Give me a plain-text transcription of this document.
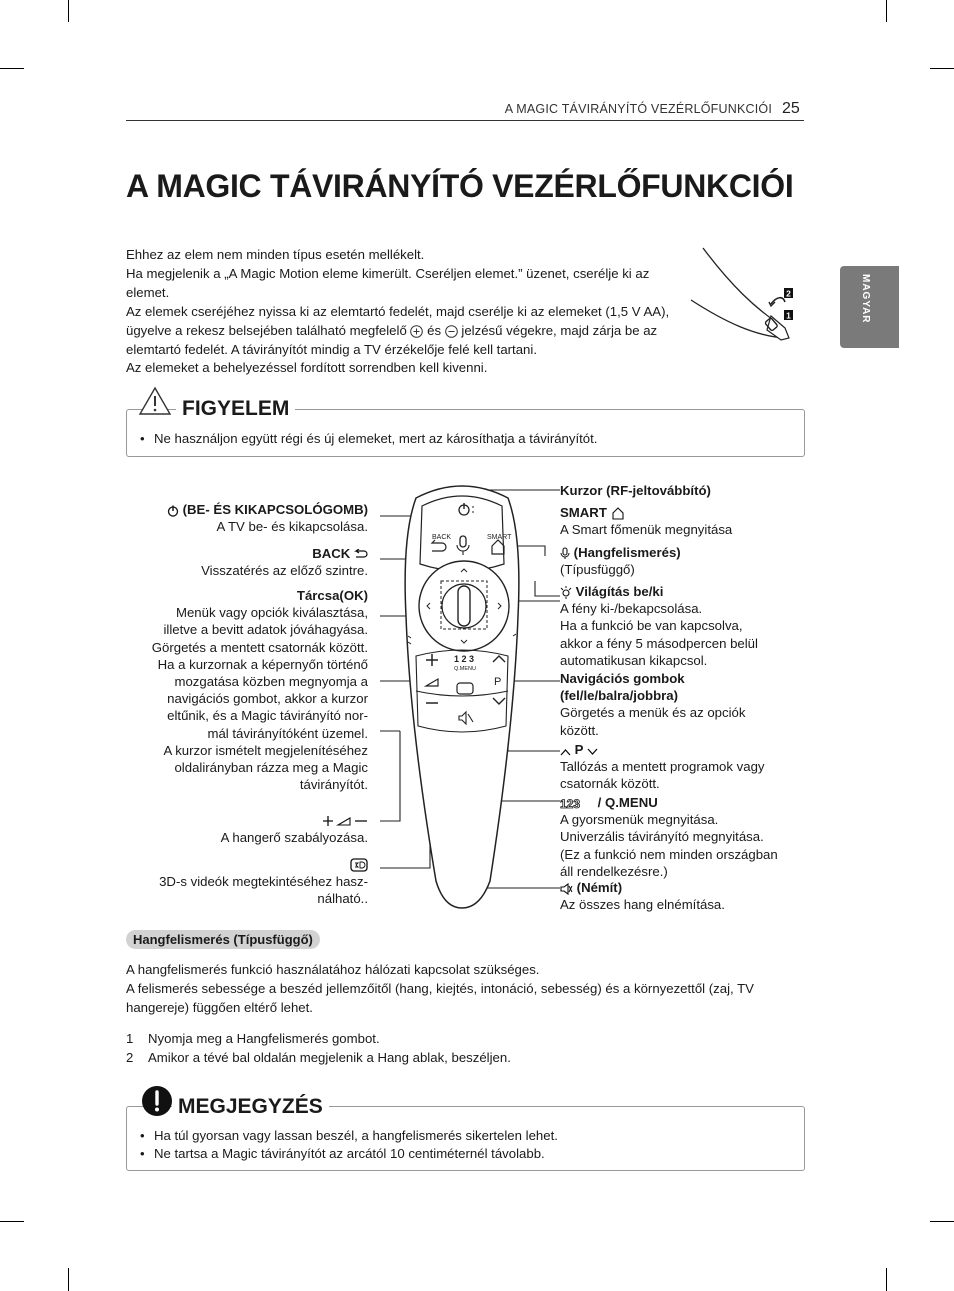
A MAGIC TÁVIRÁNYÍTÓ VEZÉRLŐFUNKCIÓI 25
A MAGIC TÁVIRÁNYÍTÓ VEZÉRLŐFUNKCIÓI
MAGYAR
Ehhez az elem nem minden típus esetén mellékelt.
Ha megjelenik a „A Magic Motion eleme kimerült. Cseréljen elemet.” üzenet, cserélje ki az elemet.
Az elemek cseréjéhez nyissa ki az elemtartó fedelét, majd cserélje ki az elemeket (1,5 V AA), ügyelve a rekesz belsejében található megfelelő és jelzésű végekre, majd zárja be az elemtartó fedelét. A távirányítót mindig a TV érzékelője felé kell tartani.
Az elemeket a behelyezéssel fordított sorrendben kell kivenni.
2
1
FIGYELEM
• Ne használjon együtt régi és új elemeket, mert az károsíthatja a távirányítót.
BACK	SMART
1 2 3
Q.MENU
P
(BE- ÉS KIKAPCSOLÓGOMB)
A TV be- és kikapcsolása.
BACK
Visszatérés az előző szintre.
Tárcsa(OK)
Menük vagy opciók kiválasztása,
illetve a bevitt adatok jóváhagyása.
Görgetés a mentett csatornák között.
Ha a kurzornak a képernyőn történő
mozgatása közben megnyomja a
navigációs gombot, akkor a kurzor
eltűnik, és a Magic távirányító nor-
mál távirányítóként üzemel.
A kurzor ismételt megjelenítéséhez
oldalirányban rázza meg a Magic
távirányítót.
A hangerő szabályozása.
3D-s videók megtekintéséhez hasz-
nálható..
Kurzor (RF-jeltovábbító)
SMART
A Smart főmenük megnyitása
(Hangfelismerés)
(Típusfüggő)
Világítás be/ki
A fény ki-/bekapcsolása.
Ha a funkció be van kapcsolva,
akkor a fény 5 másodpercen belül
automatikusan kikapcsol.
Navigációs gombok
(fel/le/balra/jobbra)
Görgetés a menük és az opciók
között.
P
Tallózás a mentett programok vagy
csatornák között.
123 / Q.MENU
A gyorsmenük megnyitása.
Univerzális távirányító megnyitása.
(Ez a funkció nem minden országban
áll rendelkezésre.)
(Némít)
Az összes hang elnémítása.
Hangfelismerés (Típusfüggő)
A hangfelismerés funkció használatához hálózati kapcsolat szükséges.
A felismerés sebessége a beszéd jellemzőitől (hang, kiejtés, intonáció, sebesség) és a környezettől (zaj, TV hangereje) függően eltérő lehet.
1 Nyomja meg a Hangfelismerés gombot.
2 Amikor a tévé bal oldalán megjelenik a Hang ablak, beszéljen.
MEGJEGYZÉS
• Ha túl gyorsan vagy lassan beszél, a hangfelismerés sikertelen lehet.
• Ne tartsa a Magic távirányítót az arcától 10 centiméternél távolabb.
